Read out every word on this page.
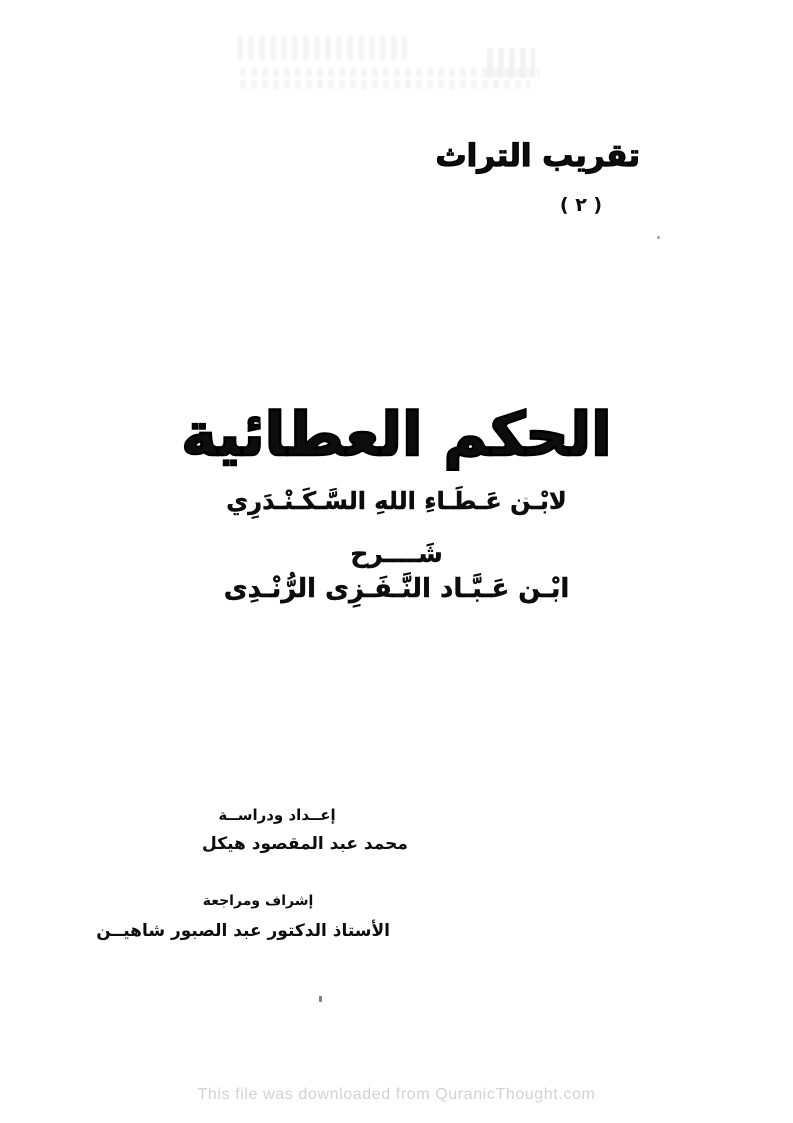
تقريب التراث
( ٢ )
الحكم العطائية
لابْـن عَـطَـاءِ اللهِ السَّـكَـنْـدَرِي
شَــــرح
ابْـن عَـبَّـاد النَّـفَـزِى الرُّنْـدِى
إعــداد ودراســة
محمد عبد المقصود هيكل
إشراف ومراجعة
الأستاذ الدكتور عبد الصبور شاهيــن
This file was downloaded from QuranicThought.com
